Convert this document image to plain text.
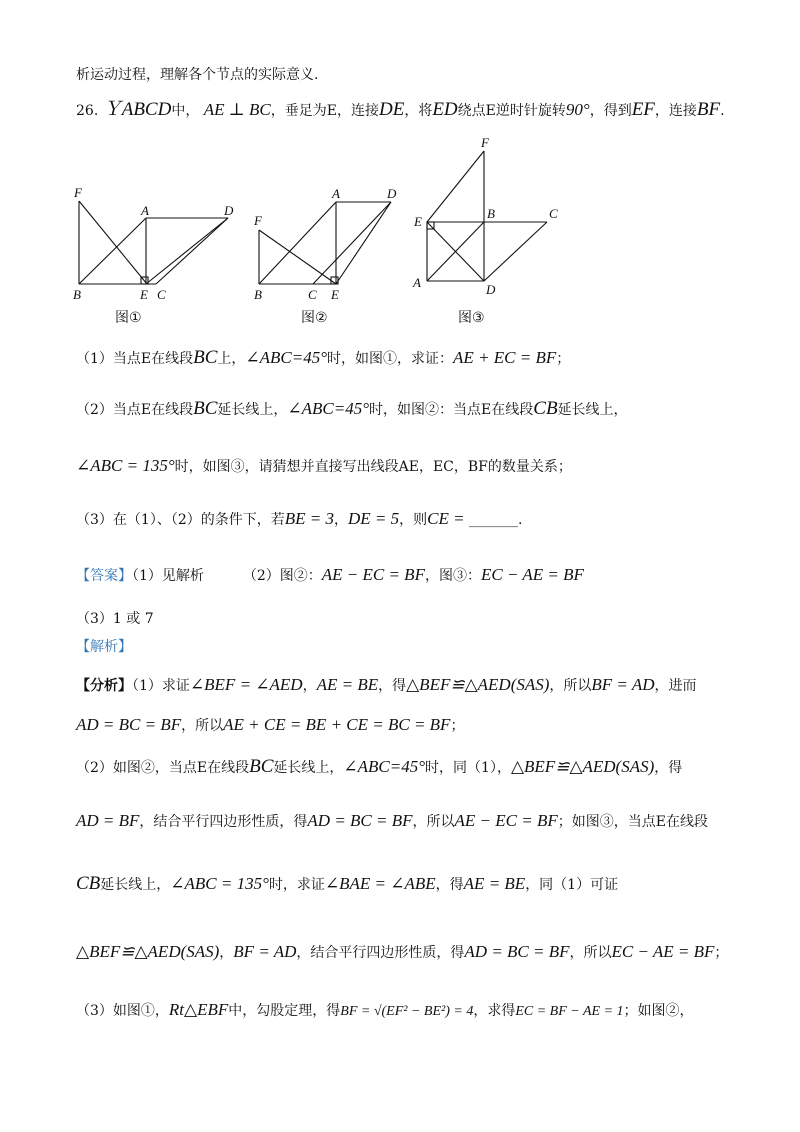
析运动过程，理解各个节点的实际意义.
26. ＹABCD中， AE ⊥ BC，垂足为E，连接DE，将ED绕点E逆时针旋转90°，得到EF，连接BF.
F
A	D
B	E C
F
A	D
B	C E
F
E
B	C
A	D
图①	图②	图③
（1）当点E在线段BC上，∠ABC=45°时，如图①，求证：AE + EC = BF；
（2）当点E在线段BC延长线上，∠ABC=45°时，如图②：当点E在线段CB延长线上，
∠ABC = 135°时，如图③，请猜想并直接写出线段AE，EC，BF的数量关系；
（3）在（1）、（2）的条件下，若BE = 3，DE = 5，则CE = _______.
【答案】（1）见解析	（2）图②：AE − EC = BF，图③：EC − AE = BF
（3）1 或 7
【解析】
【分析】（1）求证∠BEF = ∠AED，AE = BE，得△BEF≌△AED(SAS)，所以BF = AD，进而
AD = BC = BF，所以AE + CE = BE + CE = BC = BF；
（2）如图②，当点E在线段BC延长线上，∠ABC=45°时，同（1），△BEF≌△AED(SAS)，得
AD = BF，结合平行四边形性质，得AD = BC = BF，所以AE − EC = BF；如图③，当点E在线段
CB延长线上，∠ABC = 135°时，求证∠BAE = ∠ABE，得AE = BE，同（1）可证
△BEF≌△AED(SAS)，BF = AD，结合平行四边形性质，得AD = BC = BF，所以EC − AE = BF；
（3）如图①，Rt△EBF中，勾股定理，得BF = √(EF² − BE²) = 4，求得EC = BF − AE = 1；如图②，
